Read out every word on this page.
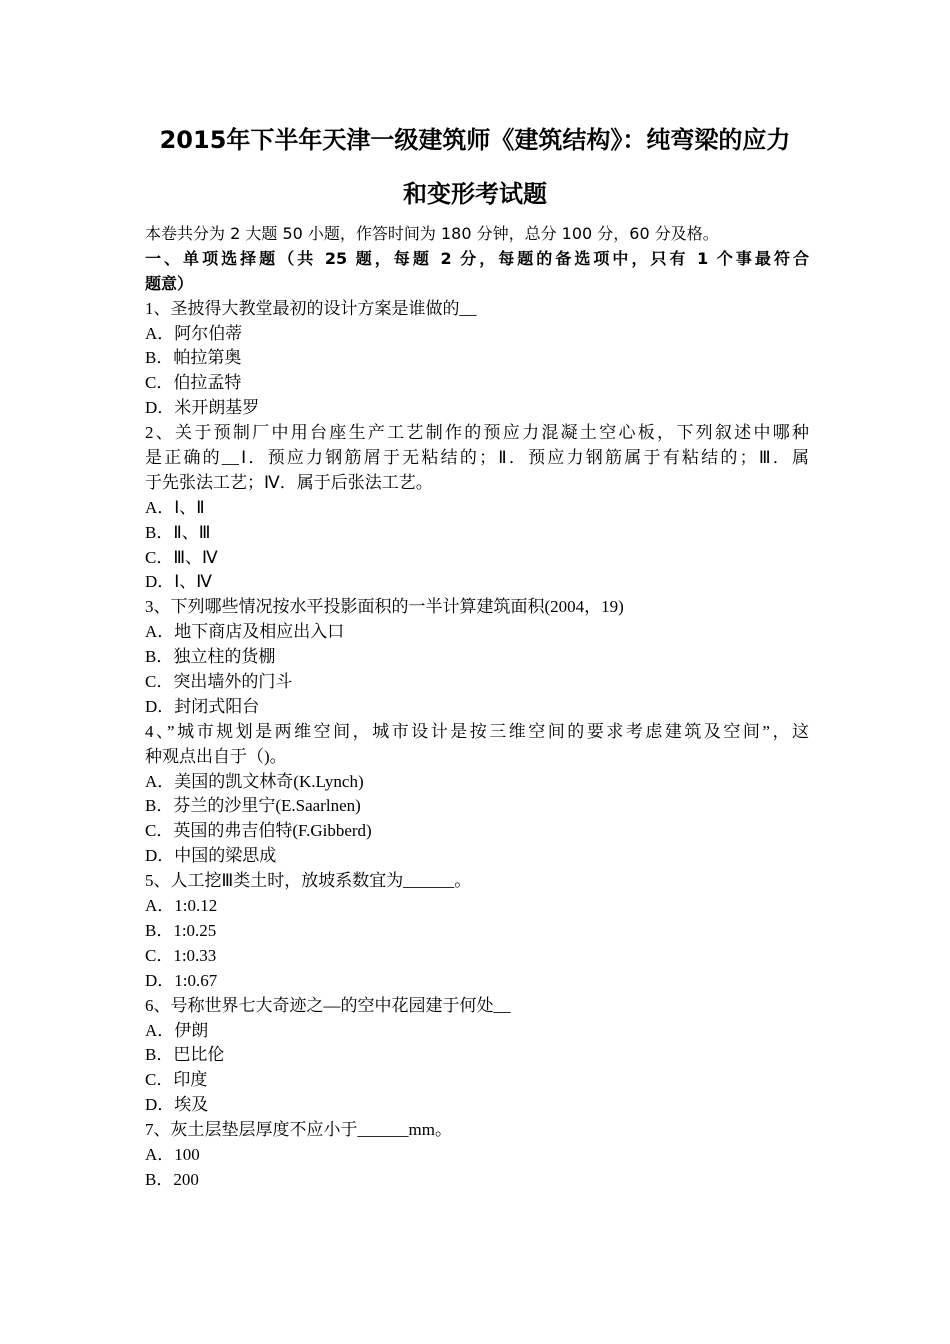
2015年下半年天津一级建筑师《建筑结构》：纯弯梁的应力
和变形考试题
本卷共分为 2 大题 50 小题，作答时间为 180 分钟，总分 100 分，60 分及格。
一、单项选择题（共 25 题，每题 2 分，每题的备选项中，只有 1 个事最符合
题意）
1、圣披得大教堂最初的设计方案是谁做的__
A．阿尔伯蒂
B．帕拉第奥
C．伯拉孟特
D．米开朗基罗
2、关于预制厂中用台座生产工艺制作的预应力混凝土空心板，下列叙述中哪种
是正确的__Ⅰ．预应力钢筋屑于无粘结的；Ⅱ．预应力钢筋属于有粘结的；Ⅲ．属
于先张法工艺；Ⅳ．属于后张法工艺。
A．Ⅰ、Ⅱ
B．Ⅱ、Ⅲ
C．Ⅲ、Ⅳ
D．Ⅰ、Ⅳ
3、下列哪些情况按水平投影面积的一半计算建筑面积(2004，19)
A．地下商店及相应出入口
B．独立柱的货棚
C．突出墙外的门斗
D．封闭式阳台
4、”城市规划是两维空间，城市设计是按三维空间的要求考虑建筑及空间”，这
种观点出自于（)。
A．美国的凯文林奇(K.Lynch)
B．芬兰的沙里宁(E.Saarlnen)
C．英国的弗吉伯特(F.Gibberd)
D．中国的梁思成
5、人工挖Ⅲ类土时，放坡系数宜为______。
A．1:0.12
B．1:0.25
C．1:0.33
D．1:0.67
6、号称世界七大奇迹之—的空中花园建于何处__
A．伊朗
B．巴比伦
C．印度
D．埃及
7、灰土层垫层厚度不应小于______mm。
A．100
B．200
